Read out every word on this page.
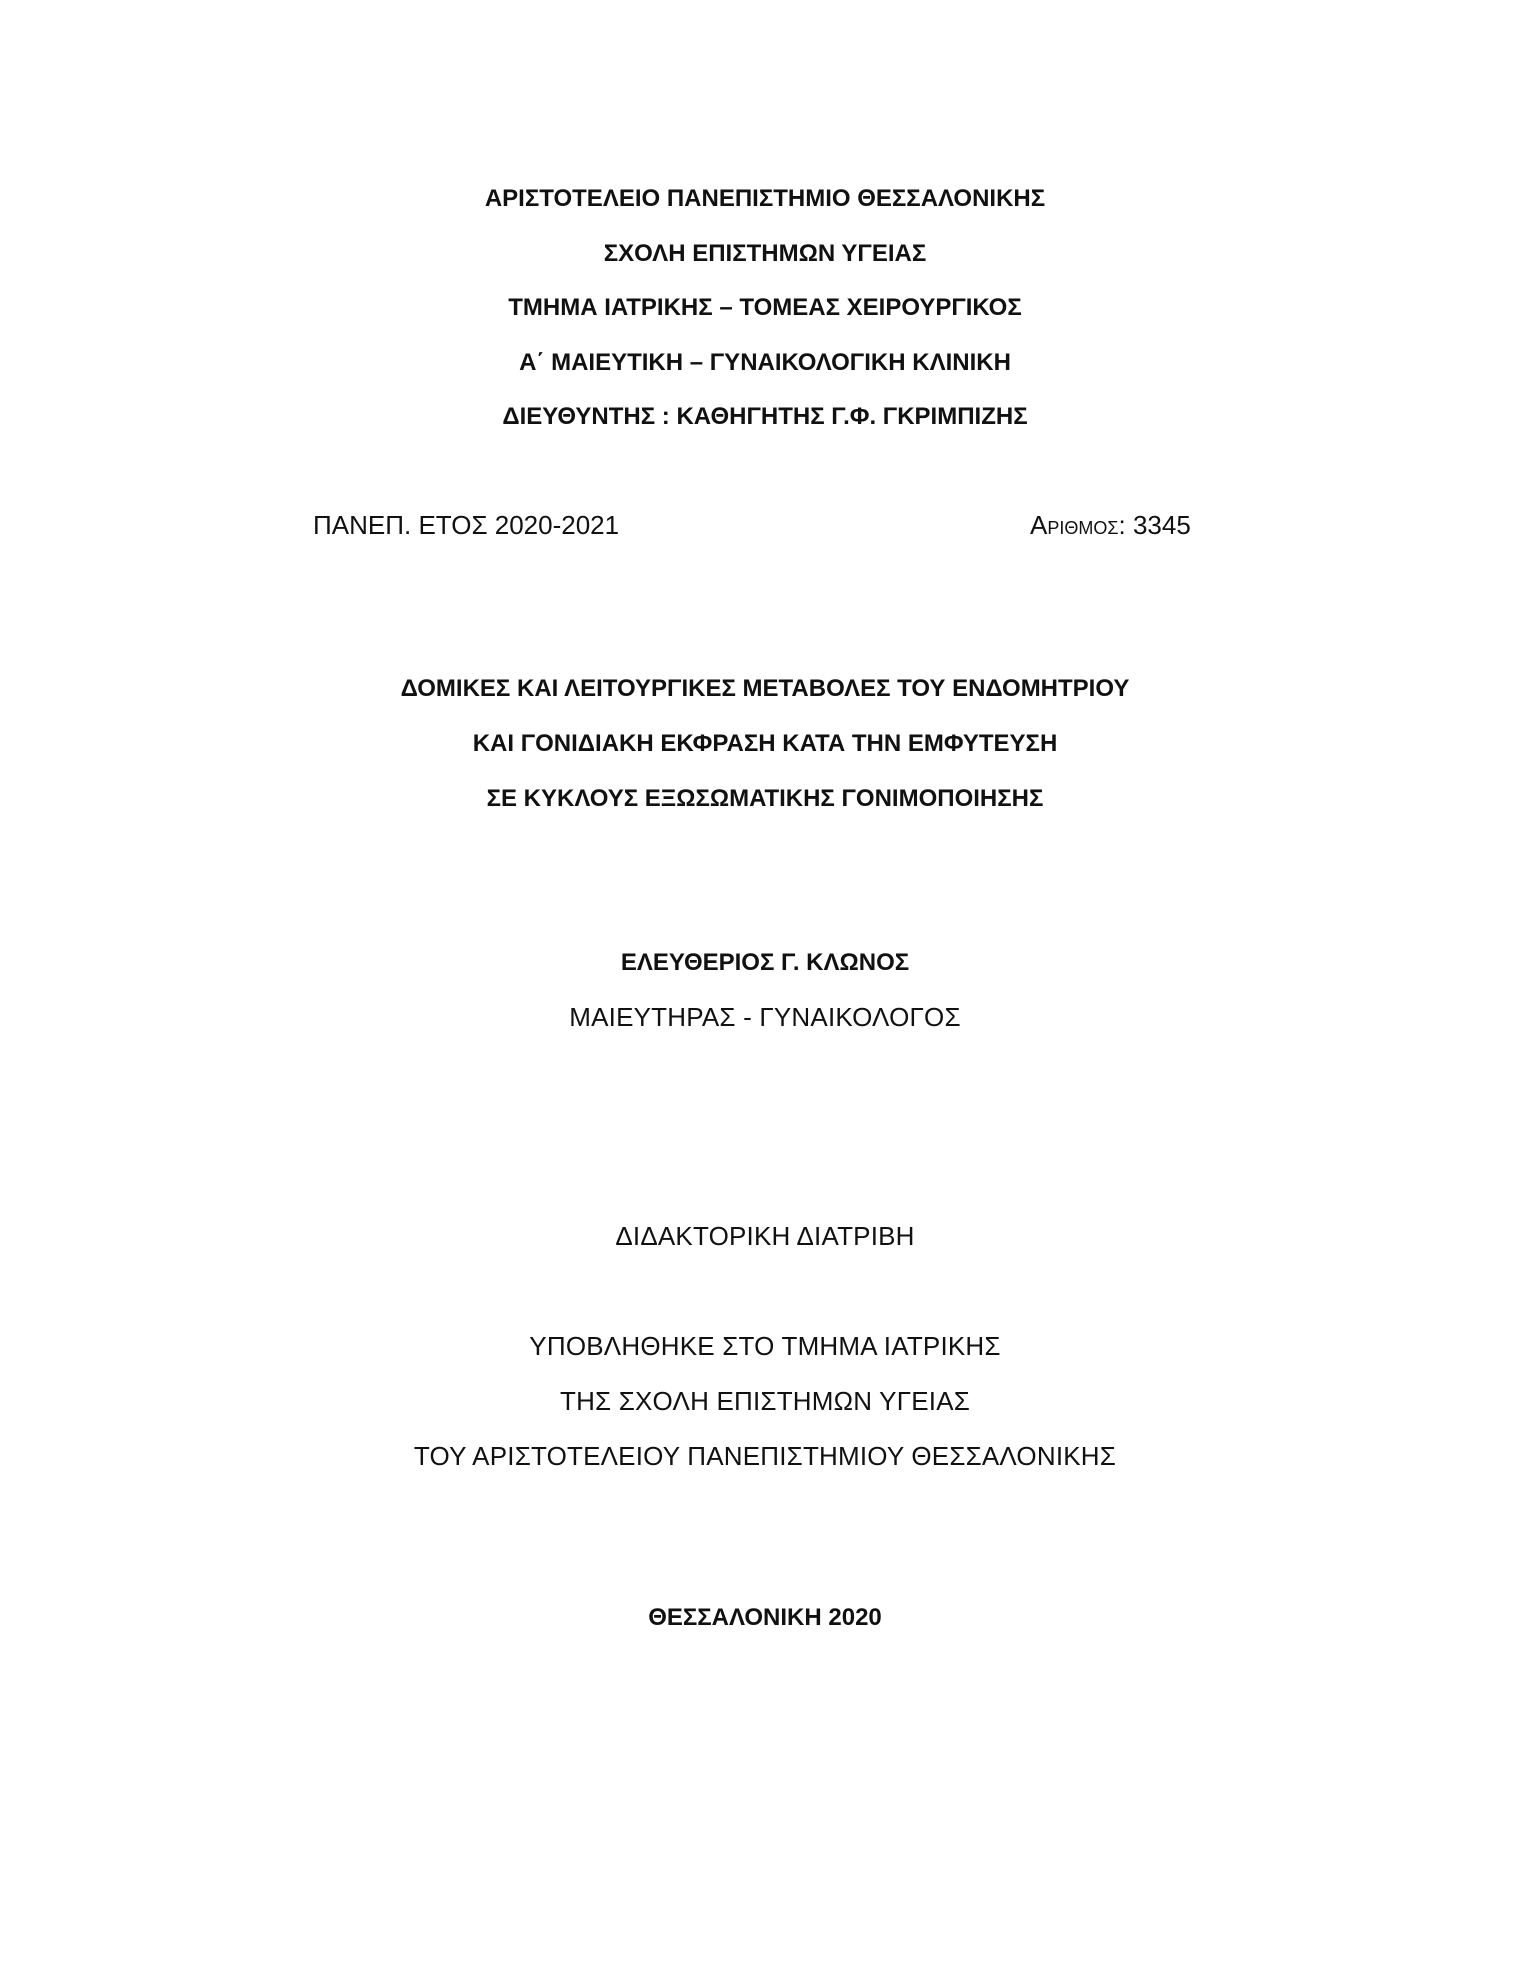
ΑΡΙΣΤΟΤΕΛΕΙΟ ΠΑΝΕΠΙΣΤΗΜΙΟ ΘΕΣΣΑΛΟΝΙΚΗΣ
ΣΧΟΛΗ ΕΠΙΣΤΗΜΩΝ ΥΓΕΙΑΣ
ΤΜΗΜΑ ΙΑΤΡΙΚΗΣ – ΤΟΜΕΑΣ ΧΕΙΡΟΥΡΓΙΚΟΣ
Α΄ ΜΑΙΕΥΤΙΚΗ – ΓΥΝΑΙΚΟΛΟΓΙΚΗ ΚΛΙΝΙΚΗ
ΔΙΕΥΘΥΝΤΗΣ : ΚΑΘΗΓΗΤΗΣ Γ.Φ. ΓΚΡΙΜΠΙΖΗΣ
ΠΑΝΕΠ. ΕΤΟΣ 2020-2021	Αριθμος: 3345
ΔΟΜΙΚΕΣ ΚΑΙ ΛΕΙΤΟΥΡΓΙΚΕΣ ΜΕΤΑΒΟΛΕΣ ΤΟΥ ΕΝΔΟΜΗΤΡΙΟΥ
ΚΑΙ ΓΟΝΙΔΙΑΚΗ ΕΚΦΡΑΣΗ ΚΑΤΑ ΤΗΝ ΕΜΦΥΤΕΥΣΗ
ΣΕ ΚΥΚΛΟΥΣ ΕΞΩΣΩΜΑΤΙΚΗΣ ΓΟΝΙΜΟΠΟΙΗΣΗΣ
ΕΛΕΥΘΕΡΙΟΣ Γ. ΚΛΩΝΟΣ
ΜΑΙΕΥΤΗΡΑΣ - ΓΥΝΑΙΚΟΛΟΓΟΣ
ΔΙΔΑΚΤΟΡΙΚΗ ΔΙΑΤΡΙΒΗ
ΥΠΟΒΛΗΘΗΚΕ ΣΤΟ ΤΜΗΜΑ ΙΑΤΡΙΚΗΣ
ΤΗΣ ΣΧΟΛΗ ΕΠΙΣΤΗΜΩΝ ΥΓΕΙΑΣ
ΤΟΥ ΑΡΙΣΤΟΤΕΛΕΙΟΥ ΠΑΝΕΠΙΣΤΗΜΙΟΥ ΘΕΣΣΑΛΟΝΙΚΗΣ
ΘΕΣΣΑΛΟΝΙΚΗ 2020
